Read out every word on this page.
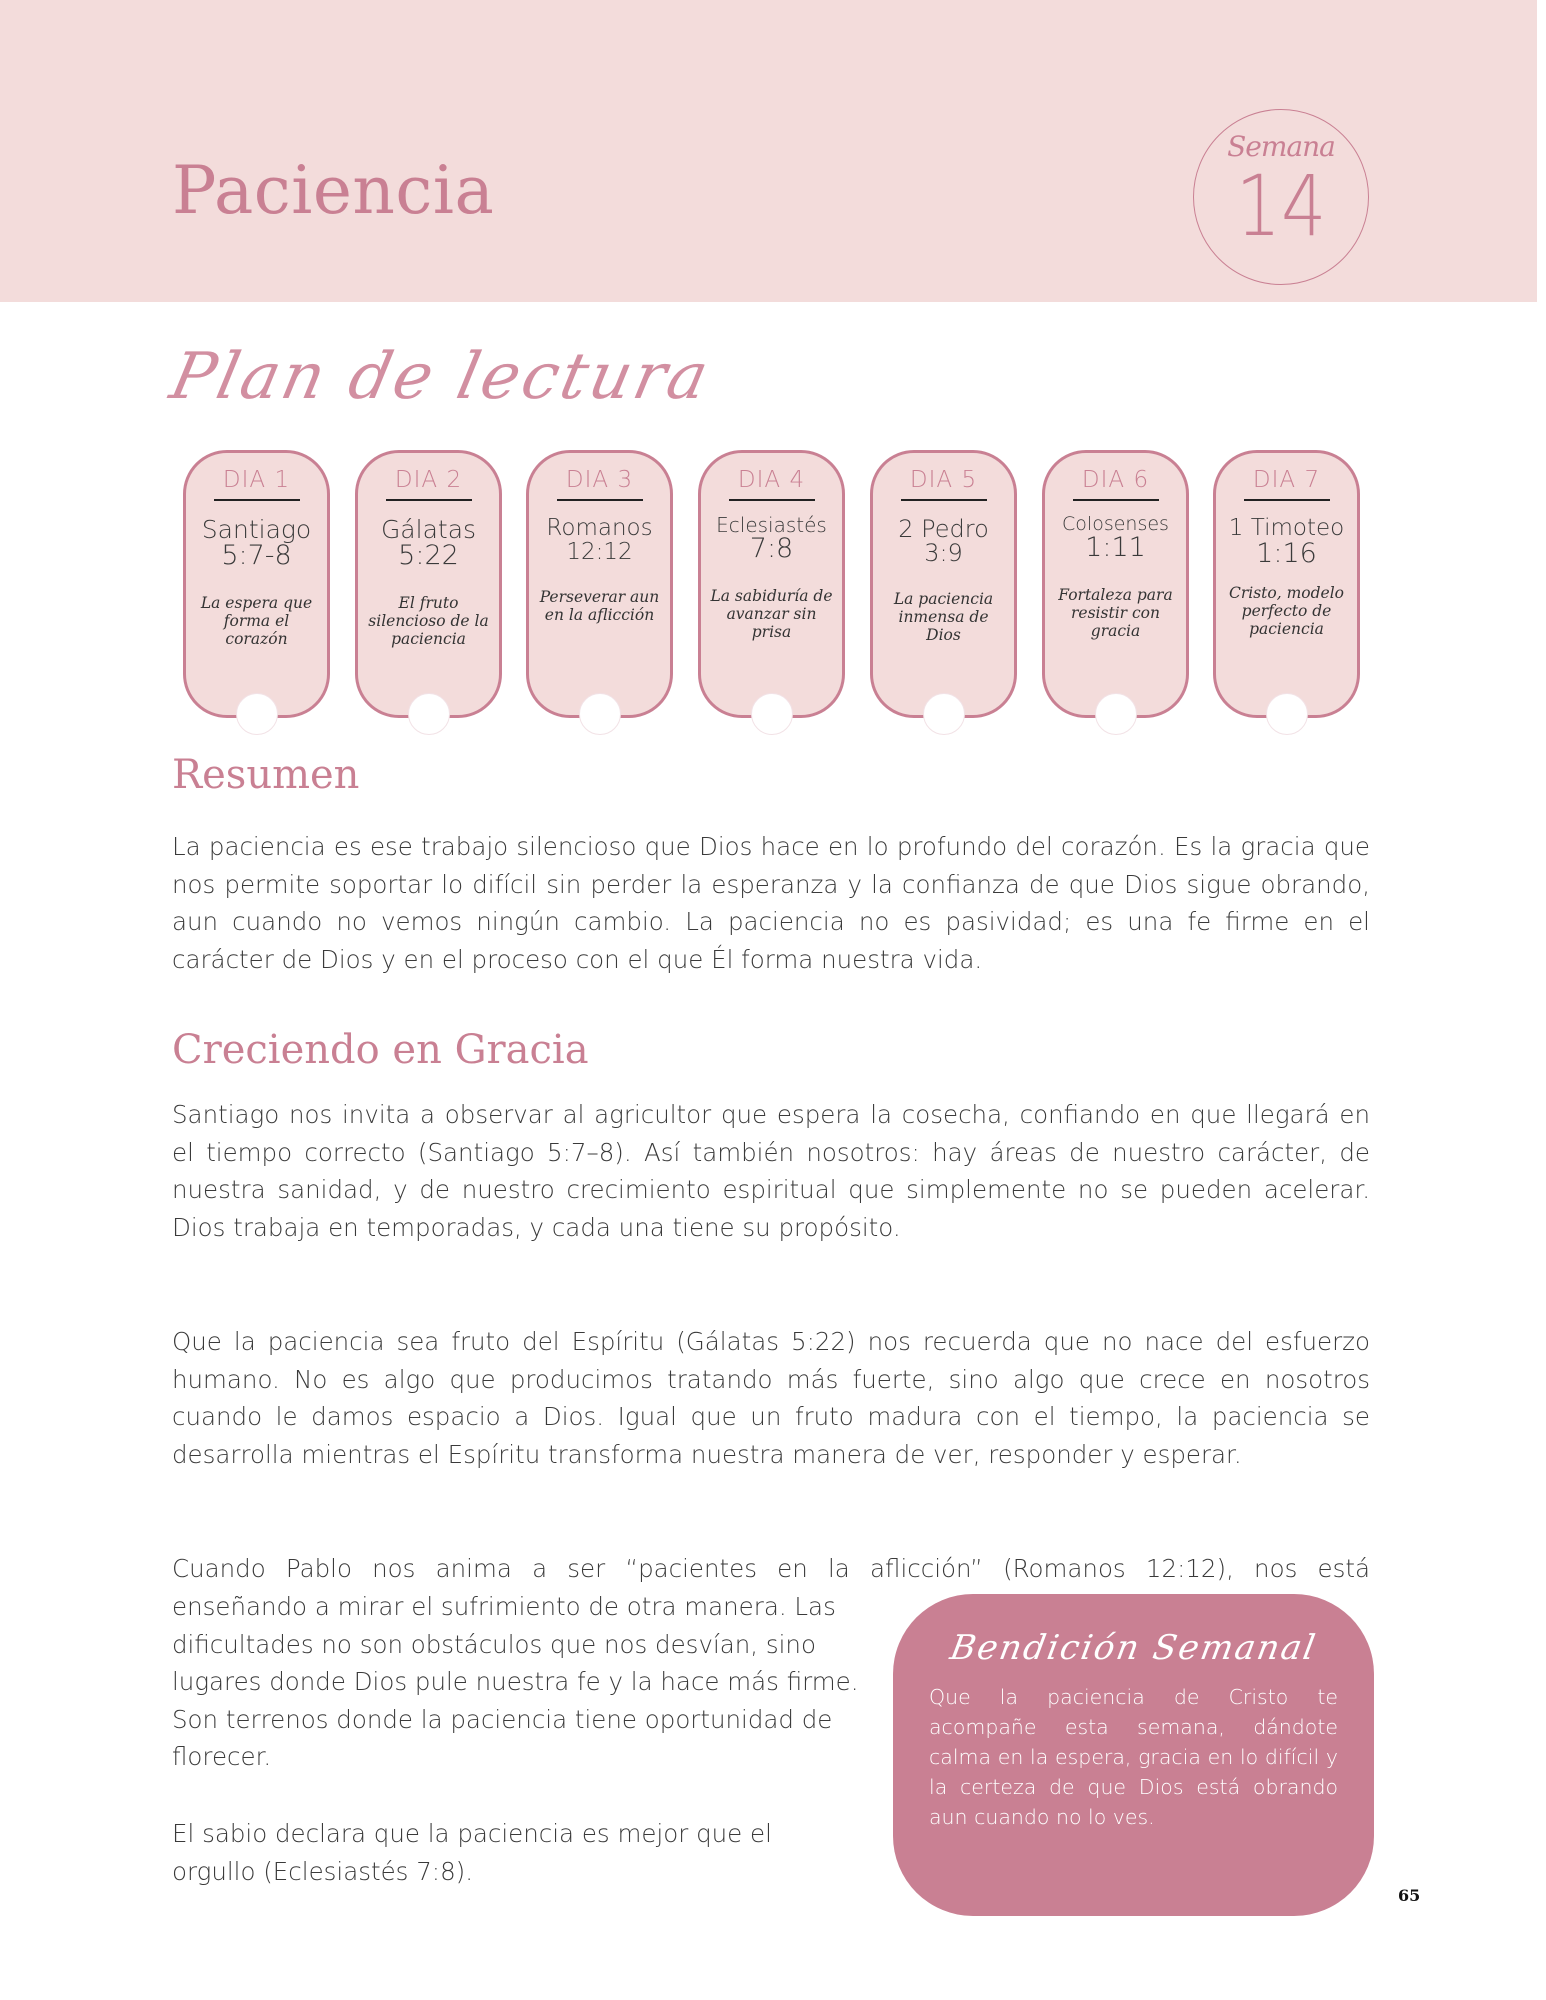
Paciencia
Semana
14
Plan de lectura
DIA 1
Santiago
5:7-8
La espera que forma el corazón
DIA 2
Gálatas
5:22
El fruto silencioso de la paciencia
DIA 3
Romanos
12:12
Perseverar aun en la aflicción
DIA 4
Eclesiastés
7:8
La sabiduría de avanzar sin prisa
DIA 5
2 Pedro
3:9
La paciencia inmensa de Dios
DIA 6
Colosenses
1:11
Fortaleza para resistir con gracia
DIA 7
1 Timoteo
1:16
Cristo, modelo perfecto de paciencia
Resumen

La paciencia es ese trabajo silencioso que Dios hace en lo profundo del corazón. Es la gracia que nos permite soportar lo difícil sin perder la esperanza y la confianza de que Dios sigue obrando, aun cuando no vemos ningún cambio. La paciencia no es pasividad; es una fe firme en el carácter de Dios y en el proceso con el que Él forma nuestra vida.

Creciendo en Gracia

Santiago nos invita a observar al agricultor que espera la cosecha, confiando en que llegará en el tiempo correcto (Santiago 5:7–8). Así también nosotros: hay áreas de nuestro carácter, de nuestra sanidad, y de nuestro crecimiento espiritual que simplemente no se pueden acelerar. Dios trabaja en temporadas, y cada una tiene su propósito.

Que la paciencia sea fruto del Espíritu (Gálatas 5:22) nos recuerda que no nace del esfuerzo humano. No es algo que producimos tratando más fuerte, sino algo que crece en nosotros cuando le damos espacio a Dios. Igual que un fruto madura con el tiempo, la paciencia se desarrolla mientras el Espíritu transforma nuestra manera de ver, responder y esperar.

Cuando Pablo nos anima a ser “pacientes en la aflicción” (Romanos 12:12), nos está

enseñando a mirar el sufrimiento de otra manera. Las dificultades no son obstáculos que nos desvían, sino lugares donde Dios pule nuestra fe y la hace más firme. Son terrenos donde la paciencia tiene oportunidad de florecer.

El sabio declara que la paciencia es mejor que el orgullo (Eclesiastés 7:8).

Bendición Semanal
Que la paciencia de Cristo te acompañe esta semana, dándote calma en la espera, gracia en lo difícil y la certeza de que Dios está obrando aun cuando no lo ves.
65
